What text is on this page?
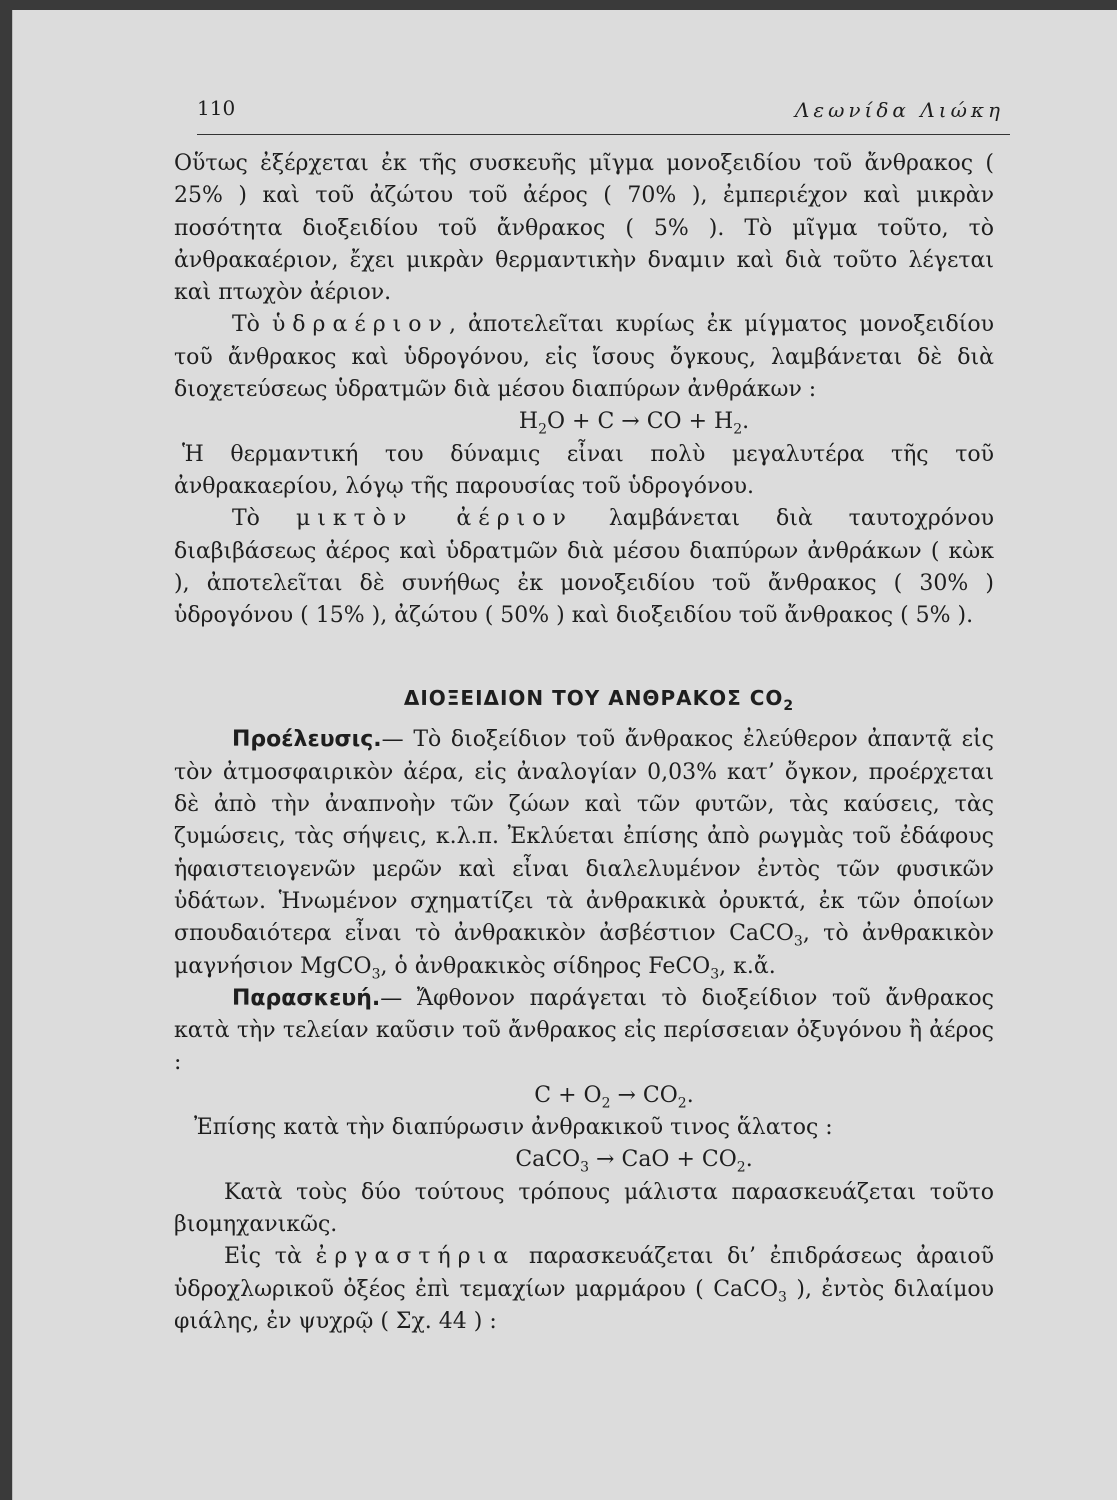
110	Λεωνίδα Λιώκη

Οὕτως ἐξέρχεται ἐκ τῆς συσκευῆς μῖγμα μονοξειδίου τοῦ ἄνθρακος ( 25% ) καὶ τοῦ ἀζώτου τοῦ ἀέρος ( 70% ), ἐμπεριέχον καὶ μικρὰν ποσότητα διοξειδίου τοῦ ἄνθρακος ( 5% ). Τὸ μῖγμα τοῦτο, τὸ ἀνθρακαέριον, ἔχει μικρὰν θερμαντικὴν δναμιν καὶ διὰ τοῦτο λέγεται καὶ πτωχὸν ἀέριον.

Τὸ ὑδραέριον, ἀποτελεῖται κυρίως ἐκ μίγματος μονοξειδίου τοῦ ἄνθρακος καὶ ὑδρογόνου, εἰς ἴσους ὄγκους, λαμβάνεται δὲ διὰ διοχετεύσεως ὑδρατμῶν διὰ μέσου διαπύρων ἀνθράκων :

$H_2O + C$ → CO + $H_2$.

Ἡ θερμαντική του δύναμις εἶναι πολὺ μεγαλυτέρα τῆς τοῦ ἀνθρακαερίου, λόγῳ τῆς παρουσίας τοῦ ὑδρογόνου.

Τὸ μικτὸν ἀέριον λαμβάνεται διὰ ταυτοχρόνου διαβιβάσεως ἀέρος καὶ ὑδρατμῶν διὰ μέσου διαπύρων ἀνθράκων ( κὼκ ), ἀποτελεῖται δὲ συνήθως ἐκ μονοξειδίου τοῦ ἄνθρακος ( 30% ) ὑδρογόνου ( 15% ), ἀζώτου ( 50% ) καὶ διοξειδίου τοῦ ἄνθρακος ( 5% ).

ΔΙΟΞΕΙΔΙΟΝ ΤΟΥ ΑΝΘΡΑΚΟΣ $CO_2$

Προέλευσις.— Τὸ διοξείδιον τοῦ ἄνθρακος ἐλεύθερον ἀπαντᾷ εἰς τὸν ἀτμοσφαιρικὸν ἀέρα, εἰς ἀναλογίαν 0,03% κατ’ ὄγκον, προέρχεται δὲ ἀπὸ τὴν ἀναπνοὴν τῶν ζώων καὶ τῶν φυτῶν, τὰς καύσεις, τὰς ζυμώσεις, τὰς σήψεις, κ.λ.π. Ἐκλύεται ἐπίσης ἀπὸ ρωγμὰς τοῦ ἐδάφους ἡφαιστειογενῶν μερῶν καὶ εἶναι διαλελυμένον ἐντὸς τῶν φυσικῶν ὑδάτων. Ἡνωμένον σχηματίζει τὰ ἀνθρακικὰ ὀρυκτά, ἐκ τῶν ὁποίων σπουδαιότερα εἶναι τὸ ἀνθρακικὸν ἀσβέστιον CaCO$_3$, τὸ ἀνθρακικὸν μαγνήσιον MgCO$_3$, ὁ ἀνθρακικὸς σίδηρος FeCO$_3$, κ.ἄ.

Παρασκευή.— Ἄφθονον παράγεται τὸ διοξείδιον τοῦ ἄνθρακος κατὰ τὴν τελείαν καῦσιν τοῦ ἄνθρακος εἰς περίσσειαν ὀξυγόνου ἢ ἀέρος :

$C + O_2 \to CO_2$.

Ἐπίσης κατὰ τὴν διαπύρωσιν ἀνθρακικοῦ τινος ἅλατος :

CaCO$_3$ → CaO + $CO_2$.

Κατὰ τοὺς δύο τούτους τρόπους μάλιστα παρασκευάζεται τοῦτο βιομηχανικῶς.

Εἰς τὰ ἐργαστήρια παρασκευάζεται δι’ ἐπιδράσεως ἀραιοῦ ὑδροχλωρικοῦ ὀξέος ἐπὶ τεμαχίων μαρμάρου ( CaCO$_3$ ), ἐντὸς διλαίμου φιάλης, ἐν ψυχρῷ ( Σχ. 44 ) :
